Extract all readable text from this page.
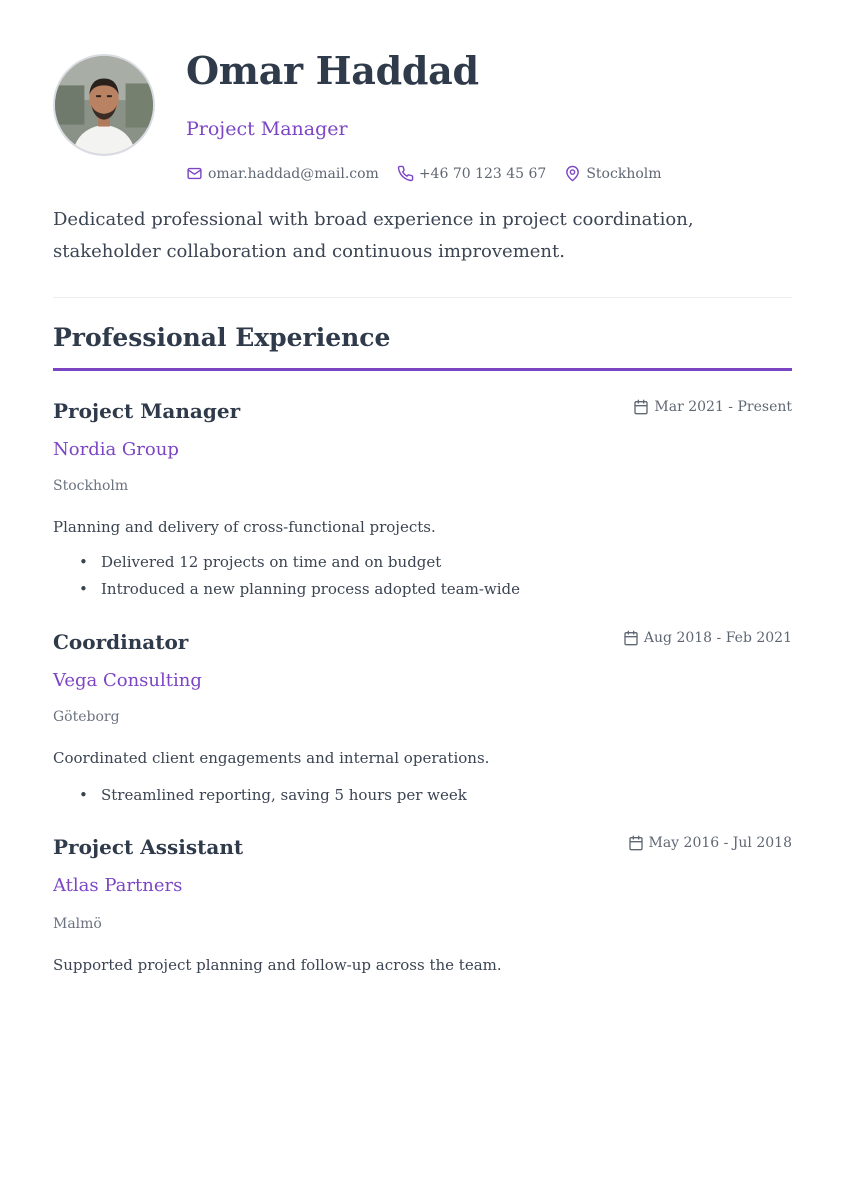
Omar Haddad
Project Manager
omar.haddad@mail.com	+46 70 123 45 67	Stockholm
Dedicated professional with broad experience in project coordination, stakeholder collaboration and continuous improvement.
Professional Experience
Project Manager	Mar 2021 - Present
Nordia Group
Stockholm
Planning and delivery of cross-functional projects.
• Delivered 12 projects on time and on budget
• Introduced a new planning process adopted team-wide
Coordinator	Aug 2018 - Feb 2021
Vega Consulting
Göteborg
Coordinated client engagements and internal operations.
• Streamlined reporting, saving 5 hours per week
Project Assistant	May 2016 - Jul 2018
Atlas Partners
Malmö
Supported project planning and follow-up across the team.
